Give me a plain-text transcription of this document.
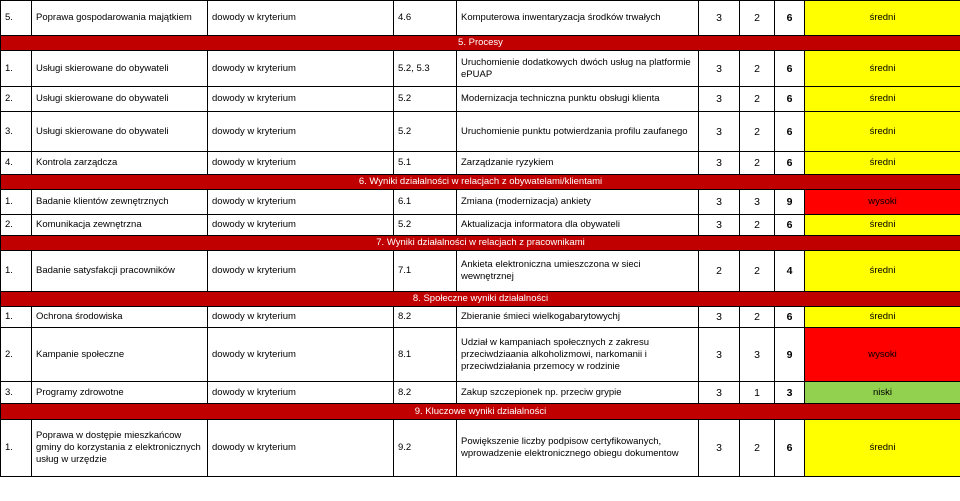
5.	Poprawa gospodarowania majątkiem	dowody w kryterium	4.6	Komputerowa inwentaryzacja środków trwałych	3	2	6	średni
5. Procesy								
1.	Usługi skierowane do obywateli	dowody w kryterium	5.2, 5.3	Uruchomienie dodatkowych dwóch usług na platformie ePUAP	3	2	6	średni
2.	Usługi skierowane do obywateli	dowody w kryterium	5.2	Modernizacja techniczna punktu obsługi klienta	3	2	6	średni
3.	Usługi skierowane do obywateli	dowody w kryterium	5.2	Uruchomienie punktu potwierdzania profilu zaufanego	3	2	6	średni
4.	Kontrola zarządcza	dowody w kryterium	5.1	Zarządzanie ryzykiem	3	2	6	średni
6. Wyniki działalności w relacjach z obywatelami/klientami								
1.	Badanie klientów zewnętrznych	dowody w kryterium	6.1	Zmiana (modernizacja) ankiety	3	3	9	wysoki
2.	Komunikacja zewnętrzna	dowody w kryterium	5.2	Aktualizacja informatora dla obywateli	3	2	6	średni
7. Wyniki działalności w relacjach z pracownikami								
1.	Badanie satysfakcji pracowników	dowody w kryterium	7.1	Ankieta elektroniczna umieszczona w sieci wewnętrznej	2	2	4	średni
8. Społeczne wyniki działalności								
1.	Ochrona środowiska	dowody w kryterium	8.2	Zbieranie śmieci wielkogabarytowychj	3	2	6	średni
2.	Kampanie społeczne	dowody w kryterium	8.1	Udział w kampaniach społecznych z zakresu przeciwdziaania alkoholizmowi, narkomanii i przeciwdziałania przemocy w rodzinie	3	3	9	wysoki
3.	Programy zdrowotne	dowody w kryterium	8.2	Zakup szczepionek np. przeciw grypie	3	1	3	niski
9. Kluczowe wyniki działalności								
1.	Poprawa w dostępie mieszkańcow gminy do korzystania z elektronicznych usług w urzędzie	dowody w kryterium	9.2	Powiększenie liczby podpisow certyfikowanych, wprowadzenie elektronicznego obiegu dokumentow	3	2	6	średni
